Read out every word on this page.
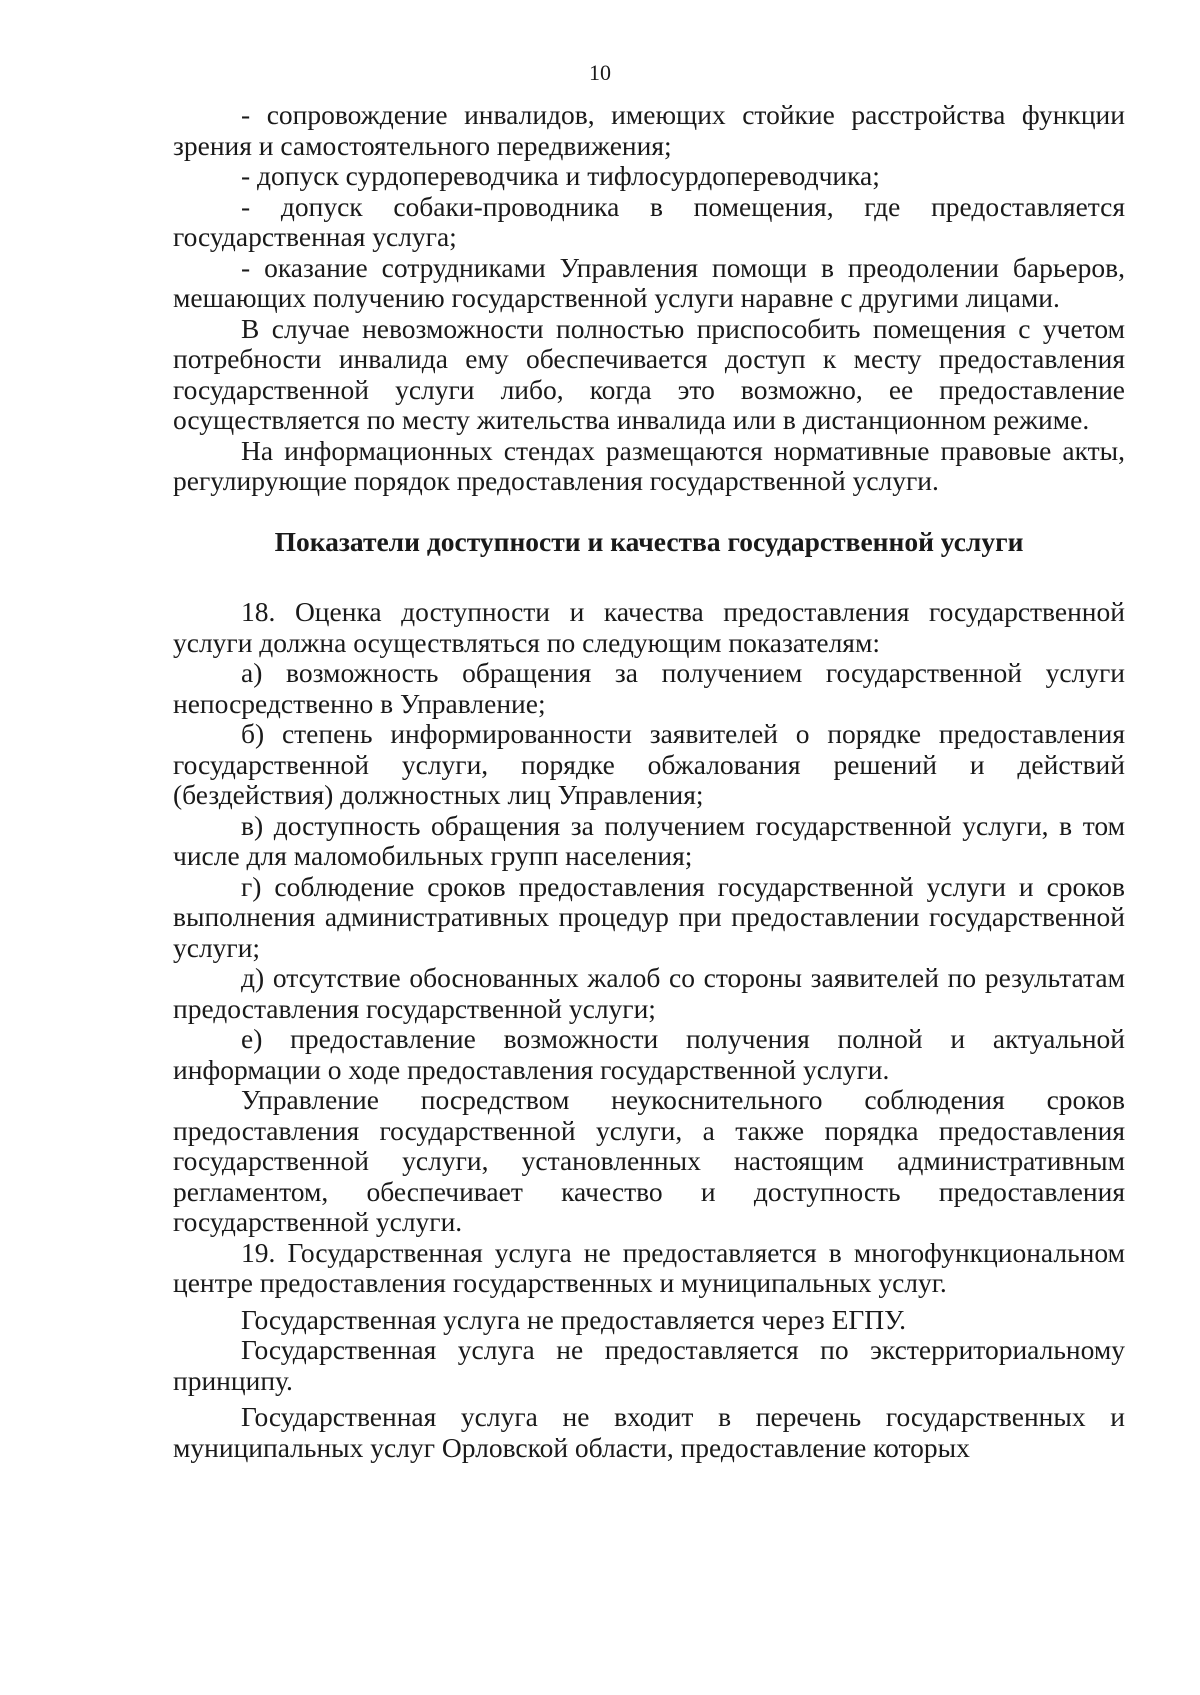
10

- сопровождение инвалидов, имеющих стойкие расстройства функции зрения и самостоятельного передвижения;

- допуск сурдопереводчика и тифлосурдопереводчика;

- допуск собаки-проводника в помещения, где предоставляется государственная услуга;

- оказание сотрудниками Управления помощи в преодолении барьеров, мешающих получению государственной услуги наравне с другими лицами.

В случае невозможности полностью приспособить помещения с учетом потребности инвалида ему обеспечивается доступ к месту предоставления государственной услуги либо, когда это возможно, ее предоставление осуществляется по месту жительства инвалида или в дистанционном режиме.

На информационных стендах размещаются нормативные правовые акты, регулирующие порядок предоставления государственной услуги.

Показатели доступности и качества государственной услуги

18. Оценка доступности и качества предоставления государственной услуги должна осуществляться по следующим показателям:

а) возможность обращения за получением государственной услуги непосредственно в Управление;

б) степень информированности заявителей о порядке предоставления государственной услуги, порядке обжалования решений и действий (бездействия) должностных лиц Управления;

в) доступность обращения за получением государственной услуги, в том числе для маломобильных групп населения;

г) соблюдение сроков предоставления государственной услуги и сроков выполнения административных процедур при предоставлении государственной услуги;

д) отсутствие обоснованных жалоб со стороны заявителей по результатам предоставления государственной услуги;

е) предоставление возможности получения полной и актуальной информации о ходе предоставления государственной услуги.

Управление посредством неукоснительного соблюдения сроков предоставления государственной услуги, а также порядка предоставления государственной услуги, установленных настоящим административным регламентом, обеспечивает качество и доступность предоставления государственной услуги.

19. Государственная услуга не предоставляется в многофункциональном центре предоставления государственных и муниципальных услуг.

Государственная услуга не предоставляется через ЕГПУ.

Государственная услуга не предоставляется по экстерриториальному принципу.

Государственная услуга не входит в перечень государственных и муниципальных услуг Орловской области, предоставление которых
